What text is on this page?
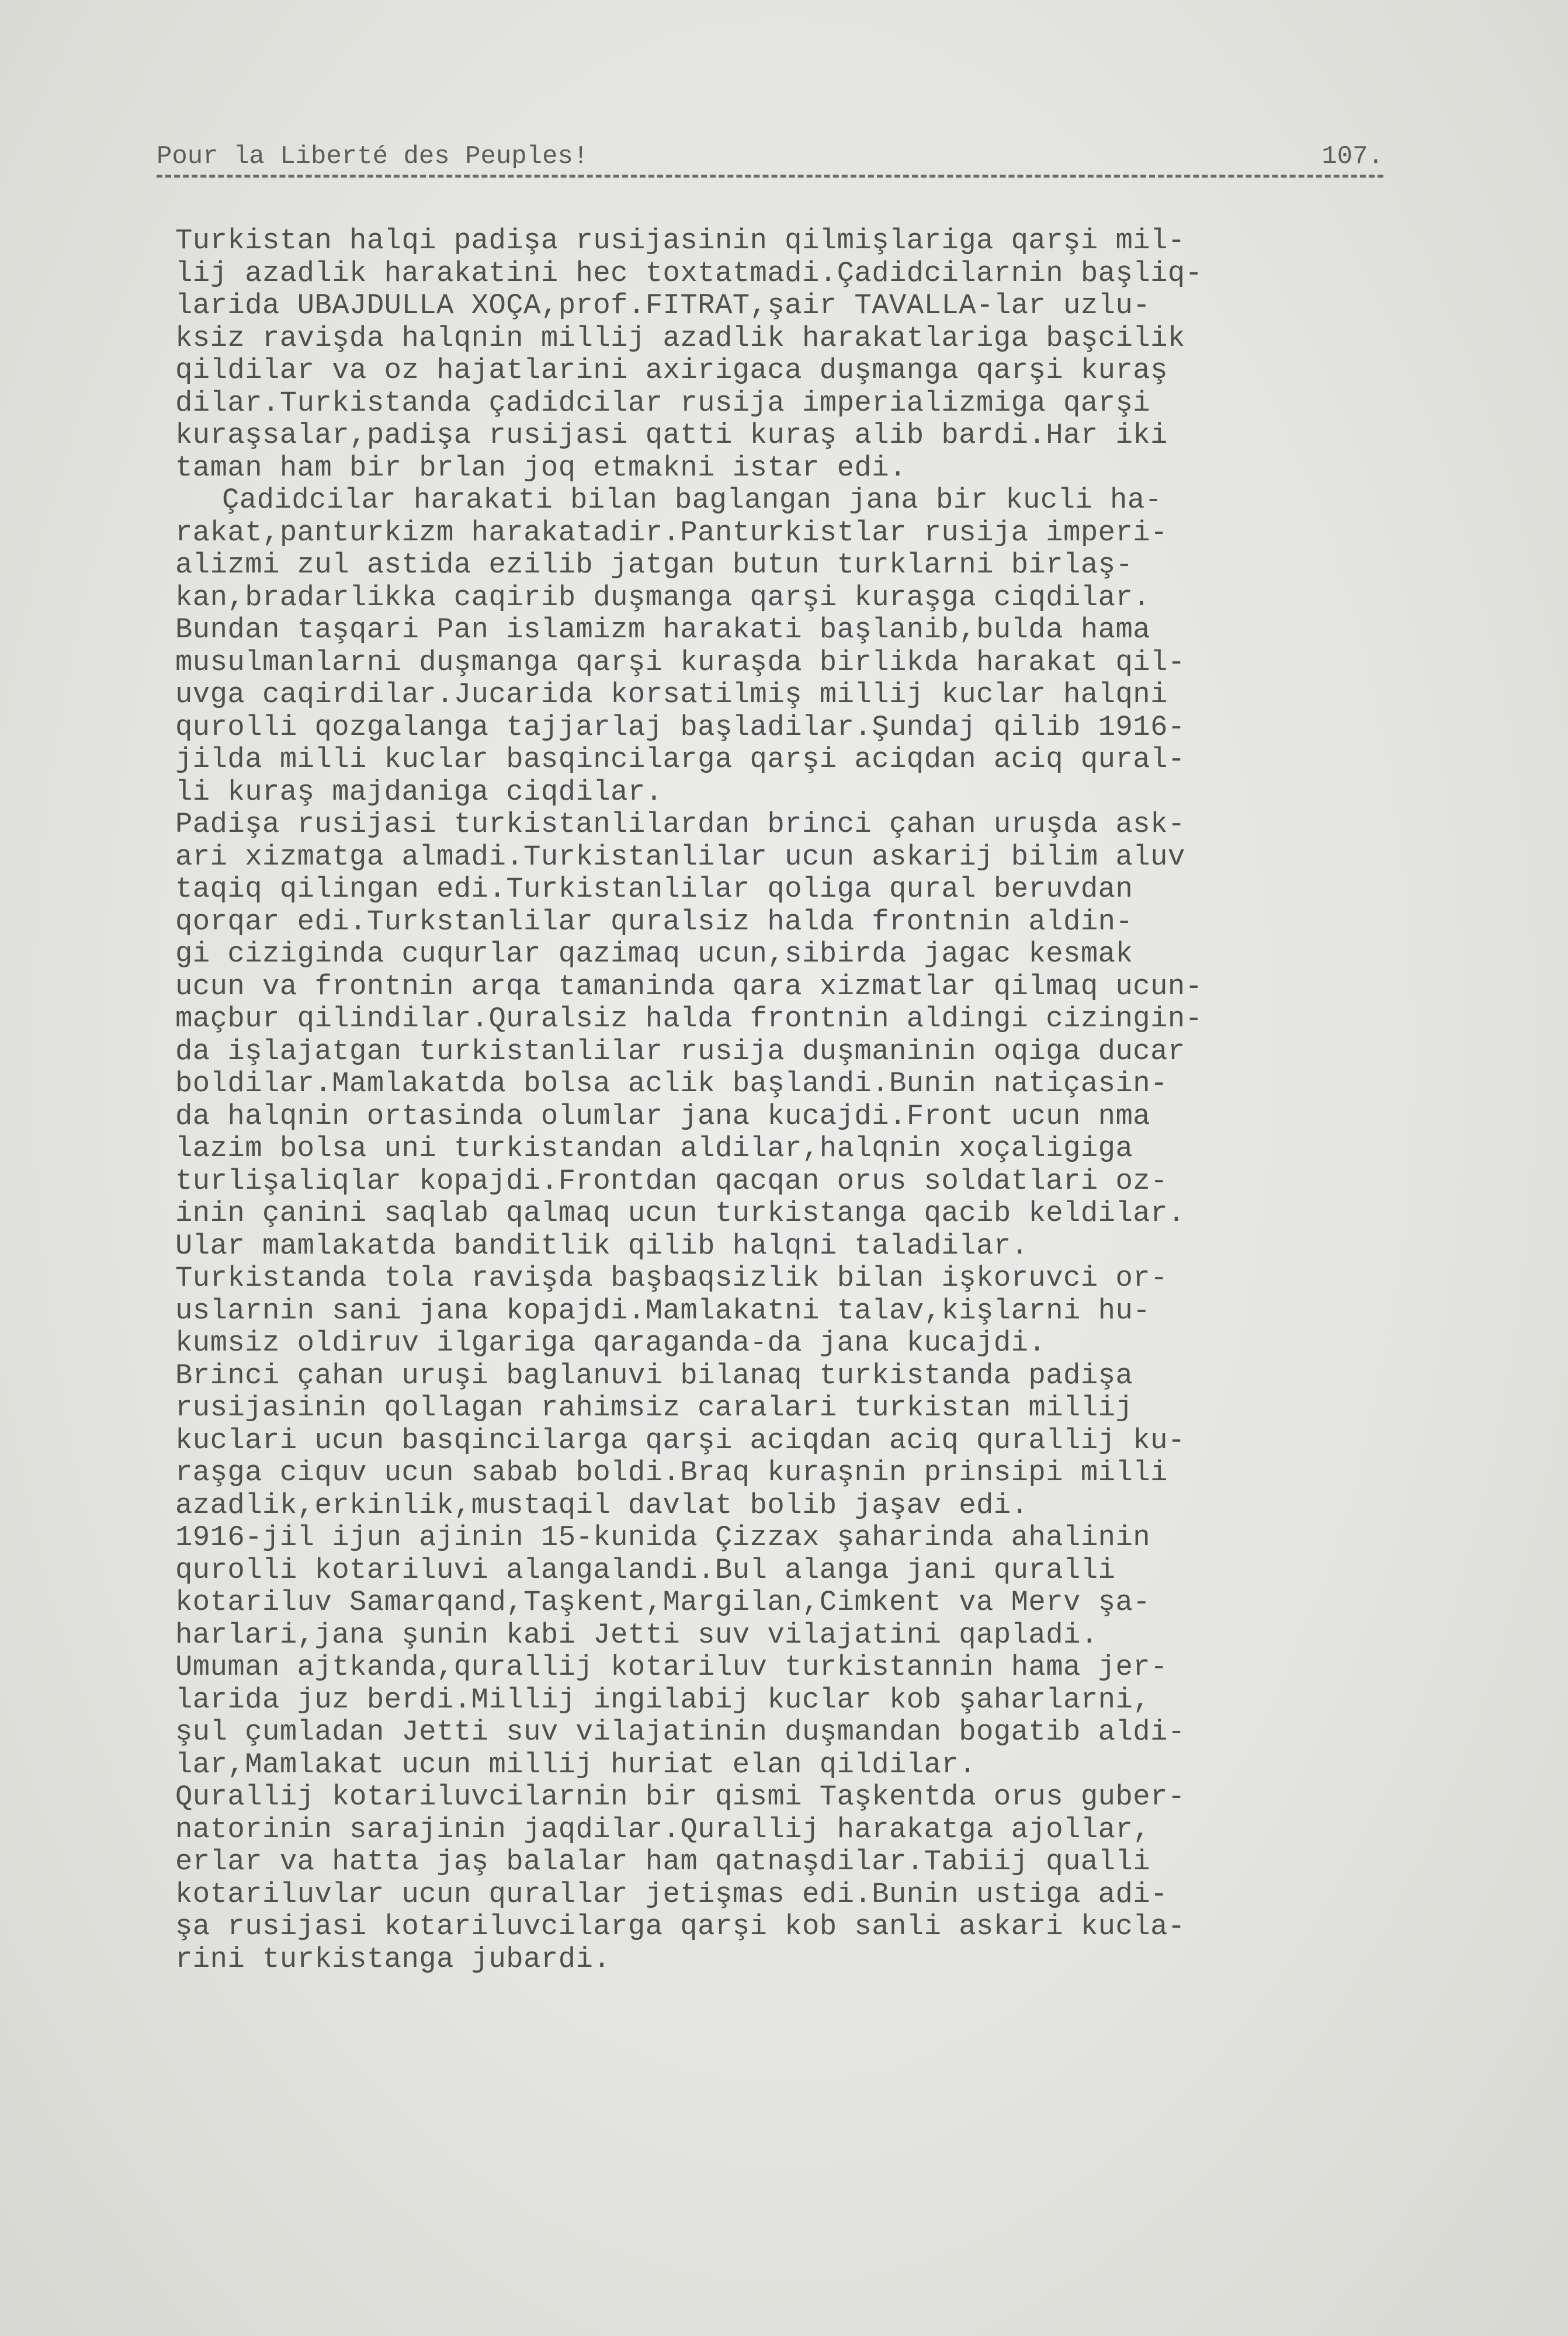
Pour la Liberté des Peuples!	107.
Turkistan halqi padişa rusijasinin qilmişlariga qarşi mil-
lij azadlik harakatini hec toxtatmadi.Çadidcilarnin başliq-
larida UBAJDULLA XOÇA,prof.FITRAT,şair TAVALLA-lar uzlu-
ksiz ravişda halqnin millij azadlik harakatlariga başcilik
qildilar va oz hajatlarini axirigaca duşmanga qarşi kuraş
dilar.Turkistanda çadidcilar rusija imperializmiga qarşi
kuraşsalar,padişa rusijasi qatti kuraş alib bardi.Har iki
taman ham bir brlan joq etmakni istar edi.
Çadidcilar harakati bilan baglangan jana bir kucli ha-
rakat,panturkizm harakatadir.Panturkistlar rusija imperi-
alizmi zul astida ezilib jatgan butun turklarni birlaş-
kan,bradarlikka caqirib duşmanga qarşi kuraşga ciqdilar.
Bundan taşqari Pan islamizm harakati başlanib,bulda hama
musulmanlarni duşmanga qarşi kuraşda birlikda harakat qil-
uvga caqirdilar.Jucarida korsatilmiş millij kuclar halqni
qurolli qozgalanga tajjarlaj başladilar.Şundaj qilib 1916-
jilda milli kuclar basqincilarga qarşi aciqdan aciq qural-
li kuraş majdaniga ciqdilar.
Padişa rusijasi turkistanlilardan brinci çahan uruşda ask-
ari xizmatga almadi.Turkistanlilar ucun askarij bilim aluv
taqiq qilingan edi.Turkistanlilar qoliga qural beruvdan
qorqar edi.Turkstanlilar quralsiz halda frontnin aldin-
gi ciziginda cuqurlar qazimaq ucun,sibirda jagac kesmak
ucun va frontnin arqa tamaninda qara xizmatlar qilmaq ucun-
maçbur qilindilar.Quralsiz halda frontnin aldingi cizingin-
da işlajatgan turkistanlilar rusija duşmaninin oqiga ducar
boldilar.Mamlakatda bolsa aclik başlandi.Bunin natiçasin-
da halqnin ortasinda olumlar jana kucajdi.Front ucun nma
lazim bolsa uni turkistandan aldilar,halqnin xoçaligiga
turlişaliqlar kopajdi.Frontdan qacqan orus soldatlari oz-
inin çanini saqlab qalmaq ucun turkistanga qacib keldilar.
Ular mamlakatda banditlik qilib halqni taladilar.
Turkistanda tola ravişda başbaqsizlik bilan işkoruvci or-
uslarnin sani jana kopajdi.Mamlakatni talav,kişlarni hu-
kumsiz oldiruv ilgariga qaraganda-da jana kucajdi.
Brinci çahan uruşi baglanuvi bilanaq turkistanda padişa
rusijasinin qollagan rahimsiz caralari turkistan millij
kuclari ucun basqincilarga qarşi aciqdan aciq qurallij ku-
raşga ciquv ucun sabab boldi.Braq kuraşnin prinsipi milli
azadlik,erkinlik,mustaqil davlat bolib jaşav edi.
1916-jil ijun ajinin 15-kunida Çizzax şaharinda ahalinin
qurolli kotariluvi alangalandi.Bul alanga jani quralli
kotariluv Samarqand,Taşkent,Margilan,Cimkent va Merv şa-
harlari,jana şunin kabi Jetti suv vilajatini qapladi.
Umuman ajtkanda,qurallij kotariluv turkistannin hama jer-
larida juz berdi.Millij ingilabij kuclar kob şaharlarni,
şul çumladan Jetti suv vilajatinin duşmandan bogatib aldi-
lar,Mamlakat ucun millij huriat elan qildilar.
Qurallij kotariluvcilarnin bir qismi Taşkentda orus guber-
natorinin sarajinin jaqdilar.Qurallij harakatga ajollar,
erlar va hatta jaş balalar ham qatnaşdilar.Tabiij qualli
kotariluvlar ucun qurallar jetişmas edi.Bunin ustiga adi-
şa rusijasi kotariluvcilarga qarşi kob sanli askari kucla-
rini turkistanga jubardi.
